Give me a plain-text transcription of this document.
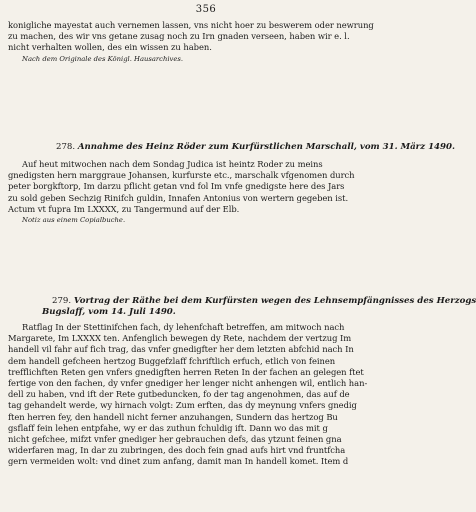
356
konigliche mayestat auch vernemen lassen, vns nicht hoer zu beswerem oder newrung
zu machen, des wir vns getane zusag noch zu Irn gnaden verseen, haben wir e. l.
nicht verhalten wollen, des ein wissen zu haben.
Nach dem Originale des Königl. Hausarchives.
278. Annahme des Heinz Röder zum Kurfürstlichen Marschall, vom 31. März 1490.
Auf heut mitwochen nach dem Sondag Judica ist heintz Roder zu meins
gnedigsten hern marggraue Johansen, kurfurste etc., marschalk vfgenomen durch
peter borgkftorp, Im darzu pflicht getan vnd fol Im vnfe gnedigste here des Jars
zu sold geben Sechzig Rinifch guldin, Innafen Antonius von wertern gegeben ist.
Actum vt fupra Im LXXXX, zu Tangermund auf der Elb.
Notiz aus einem Copialbuche.
279. Vortrag der Räthe bei dem Kurfürsten wegen des Lehnsempfängnisses des Herzogs
Bugslaff, vom 14. Juli 1490.
Ratflag In der Stettinifchen fach, dy lehenfchaft betreffen, am mitwoch nach
Margarete, Im LXXXX ten. Anfenglich bewegen dy Rete, nachdem der vertzug Im
handell vil fahr auf fich trag, das vnfer gnedigfter her dem letzten abfchid nach In
dem handell gefcheen hertzog Buggefzlaff fchriftlich erfuch, etlich von feinen
trefflichften Reten gen vnfers gnedigften herren Reten In der fachen an gelegen ftet
fertige von den fachen, dy vnfer gnediger her lenger nicht anhengen wil, entlich han-
dell zu haben, vnd ift der Rete gutbeduncken, fo der tag angenohmen, das auf de
tag gehandelt werde, wy hirnach volgt: Zum erften, das dy meynung vnfers gnedig
ften herren fey, den handell nicht ferner anzuhangen, Sundern das hertzog Bu
gsflaff fein lehen entpfahe, wy er das zuthun fchuldig ift. Dann wo das mit g
nicht gefchee, mifzt vnfer gnediger her gebrauchen defs, das ytzunt feinen gna
widerfaren mag, In dar zu zubringen, des doch fein gnad aufs hirt vnd fruntfcha
gern vermeiden wolt: vnd dinet zum anfang, damit man In handell komet. Item d
